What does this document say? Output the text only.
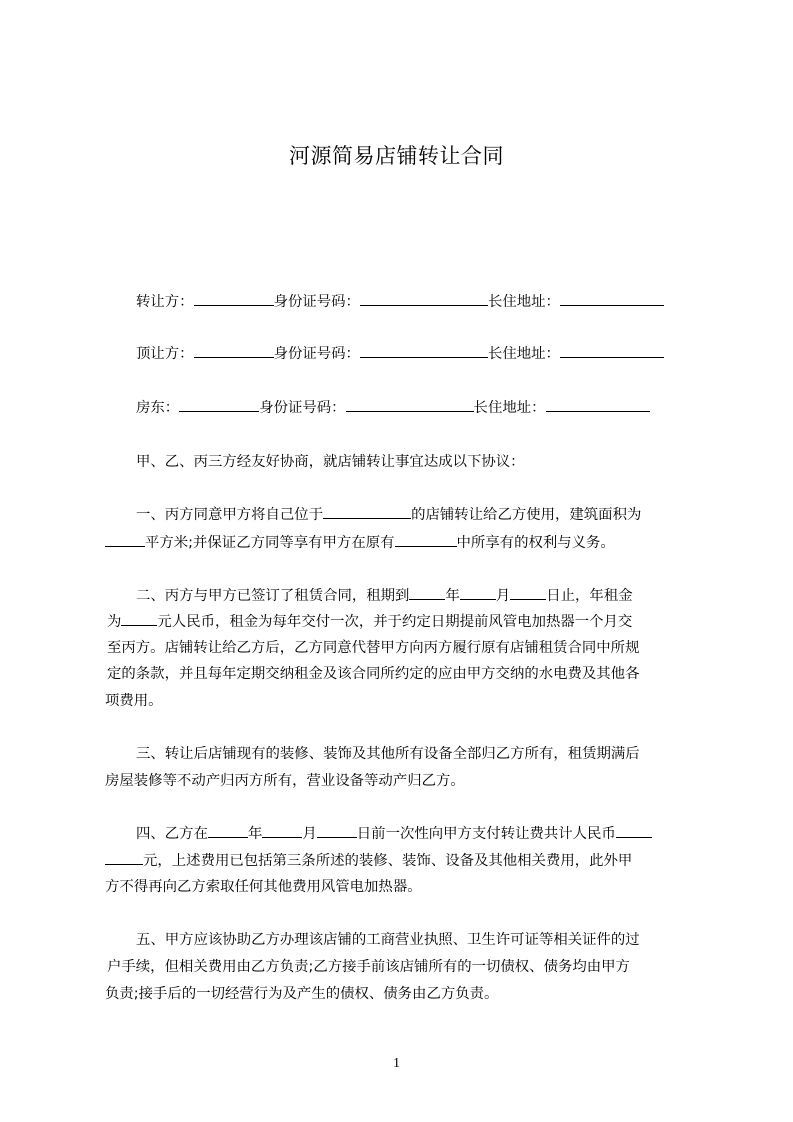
河源简易店铺转让合同
转让方：	身份证号码：	长住地址：
顶让方：	身份证号码：	长住地址：
房东：	身份证号码：	长住地址：
甲、乙、丙三方经友好协商，就店铺转让事宜达成以下协议：
一、丙方同意甲方将自己位于	的店铺转让给乙方使用，建筑面积为
平方米;并保证乙方同等享有甲方在原有	中所享有的权利与义务。
二、丙方与甲方已签订了租赁合同，租期到	年	月	日止，年租金
为	元人民币，租金为每年交付一次，并于约定日期提前风管电加热器一个月交
至丙方。店铺转让给乙方后，乙方同意代替甲方向丙方履行原有店铺租赁合同中所规
定的条款，并且每年定期交纳租金及该合同所约定的应由甲方交纳的水电费及其他各
项费用。
三、转让后店铺现有的装修、装饰及其他所有设备全部归乙方所有，租赁期满后
房屋装修等不动产归丙方所有，营业设备等动产归乙方。
四、乙方在	年	月	日前一次性向甲方支付转让费共计人民币
元，上述费用已包括第三条所述的装修、装饰、设备及其他相关费用，此外甲
方不得再向乙方索取任何其他费用风管电加热器。
五、甲方应该协助乙方办理该店铺的工商营业执照、卫生许可证等相关证件的过
户手续，但相关费用由乙方负责;乙方接手前该店铺所有的一切债权、债务均由甲方
负责;接手后的一切经营行为及产生的债权、债务由乙方负责。
1
